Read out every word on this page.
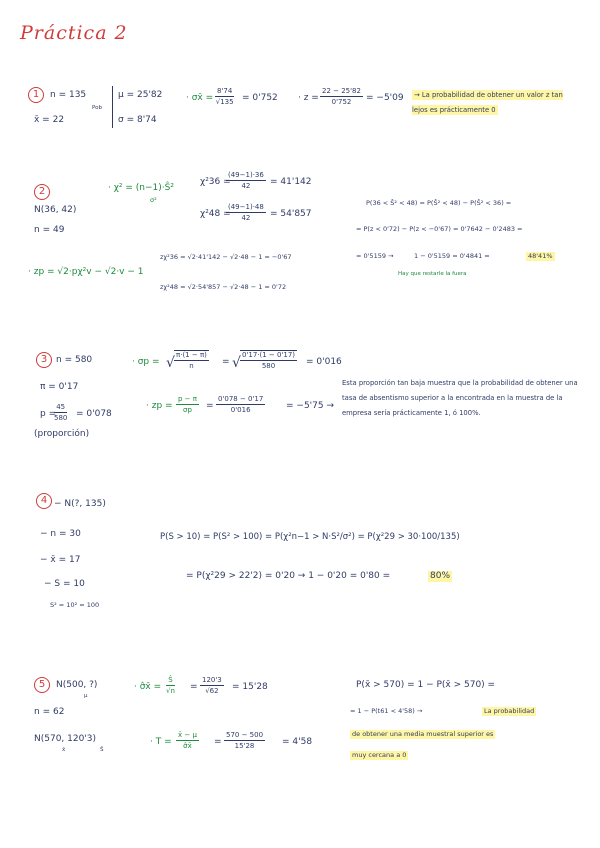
Práctica 2
1	n = 135
x̄ = 22
Pob
μ = 25'82
σ = 8'74
· σx̄ = $\frac{8'74}{√135} = 0'752 \cdot z = \frac{22 - 25'82}{0'752} = -5'09 \to La$ probabilidad de obtener un valor z tan lejos es prácticamente 0
2
N(36, 42)
n = 49
· χ² = (n−1)·Ŝ²
σ²
χ²36 =
$\frac{(49-1)\cdot 36}{42} = 41'142$
χ²48 =
$\frac{(49-1)\cdot 48}{42} = 54'857$
· zp = √2·pχ²v − √2·v − 1
zχ²36 = √2·41'142 − √2·48 − 1 = −0'67
zχ²48 = √2·54'857 − √2·48 − 1 = 0'72
P(36 < Ŝ² < 48) = P(Ŝ² < 48) − P(Ŝ² < 36) =
= P(z < 0'72) − P(z < −0'67) = 0'7642 − 0'2483 =
= 0'5159 →	1 − 0'5159 = 0'4841 =	48'41%
Hay que restarle la fuera
3 n = 580
π = 0'17
p =
$\frac{45}{580} = 0'078$
(proporción)
· σp = √ $\frac{\pi\cdot(1 - \pi)}{n}$ = √ $\frac{0'17\cdot(1 - 0'17)}{580} = 0'016$
· zp = $\frac{p - \pi}{\sigma p} = \frac{0'078 - 0'17}{0'016} = -5'75$ →
Esta proporción tan baja muestra que la probabilidad de obtener una tasa de absentismo superior a la encontrada en la muestra de la empresa sería prácticamente 1, ó 100%.
4 − N(?, 135)
− n = 30
− x̄ = 17
− S = 10
S² = 10² = 100
P(S > 10) = P(S² > 100) = P(χ²n−1 > N·S²/σ²) = P(χ²29 > 30·100/135)
= P(χ²29 > 22'2) = 0'20 → 1 − 0'20 = 0'80 =	80%
5	N(500, ?)
μ
n = 62
N(570, 120'3)
x̄	Ŝ
· σ̂x̄ = $\frac{Ŝ}{√n} = \frac{120'3}{√62} = 15'28$
· $T = \frac{x̄ - \mu}{\sigmâx̄} = \frac{570 - 500}{15'28} = 4'58$
P(x̄ > 570) = 1 − P(x̄ > 570) =
= 1 − P(t61 < 4'58) →	La probabilidad
de obtener una media muestral superior es
muy cercana a 0
